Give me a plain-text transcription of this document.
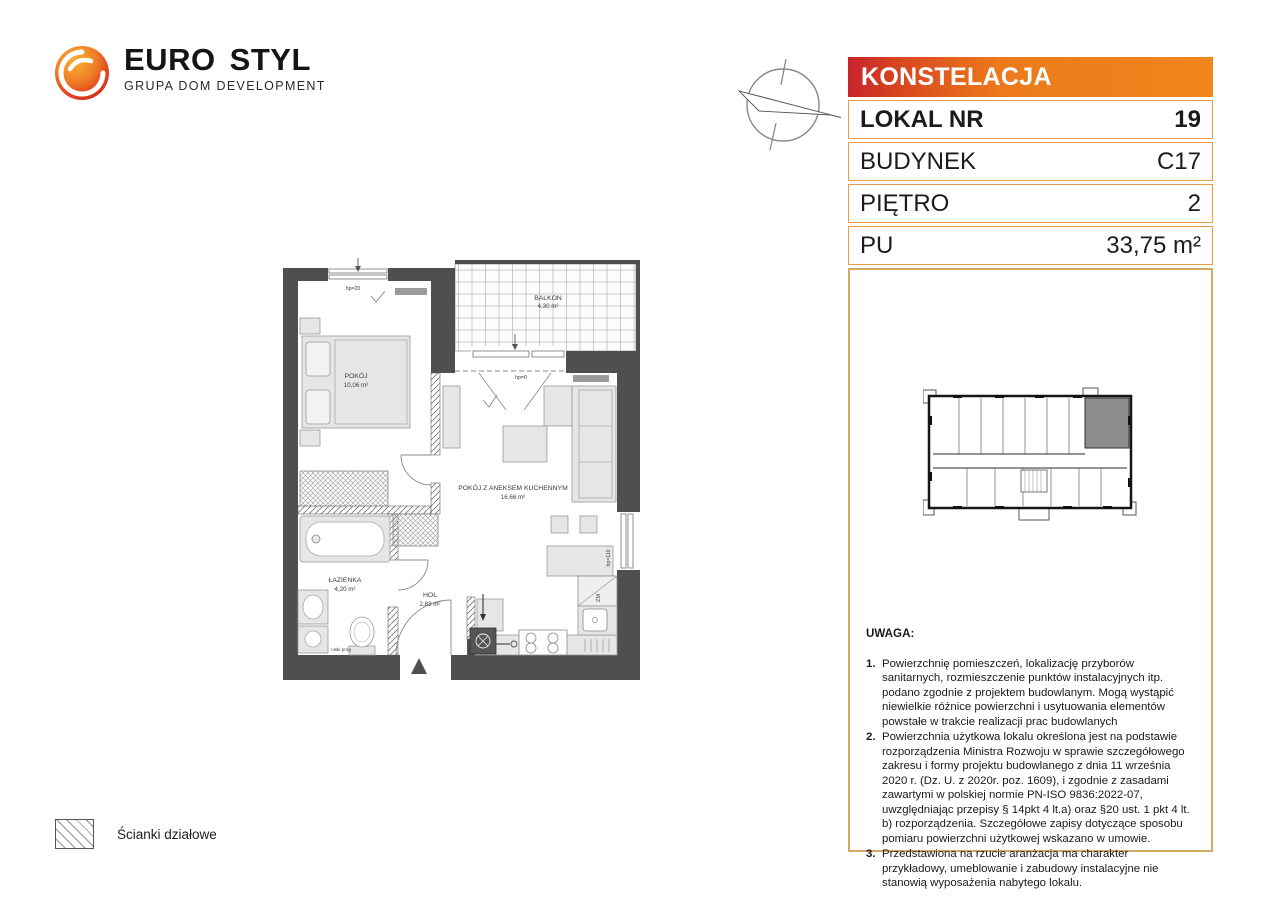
EURO STYL
GRUPA DOM DEVELOPMENT	KONSTELACJA
LOKAL NR	19
BUDYNEK	C17
PIĘTRO	2
PU	33,75 m²
UWAGA:
1. Powierzchnię pomieszczeń, lokalizację przyborów sanitarnych, rozmieszczenie punktów instalacyjnych itp. podano zgodnie z projektem budowlanym. Mogą wystąpić niewielkie różnice powierzchni i usytuowania elementów powstałe w trakcie realizacji prac budowlanych
2. Powierzchnia użytkowa lokalu określona jest na podstawie rozporządzenia Ministra Rozwoju w sprawie szczegółowego zakresu i formy projektu budowlanego z dnia 11 września 2020 r. (Dz. U. z 2020r. poz. 1609), i zgodnie z zasadami zawartymi w polskiej normie PN-ISO 9836:2022-07, uwzględniając przepisy § 14pkt 4 lt.a) oraz §20 ust. 1 pkt 4 lt. b) rozporządzenia. Szczegółowe zapisy dotyczące sposobu pomiaru powierzchni użytkowej wskazano w umowie.
3. Przedstawiona na rzucie aranżacja ma charakter przykładowy, umeblowanie i zabudowy instalacyjne nie stanowią wyposażenia nabytego lokalu.
POKÓJ
10,06 m²
BALKON
4,30 m²
POKÓJ Z ANEKSEM KUCHENNYM
16,66 m²
ŁAZIENKA
4,20 m²
HOL
2,83 m²
hp=20
hp=0
hp=110
ZM
niski próg
Ścianki działowe
